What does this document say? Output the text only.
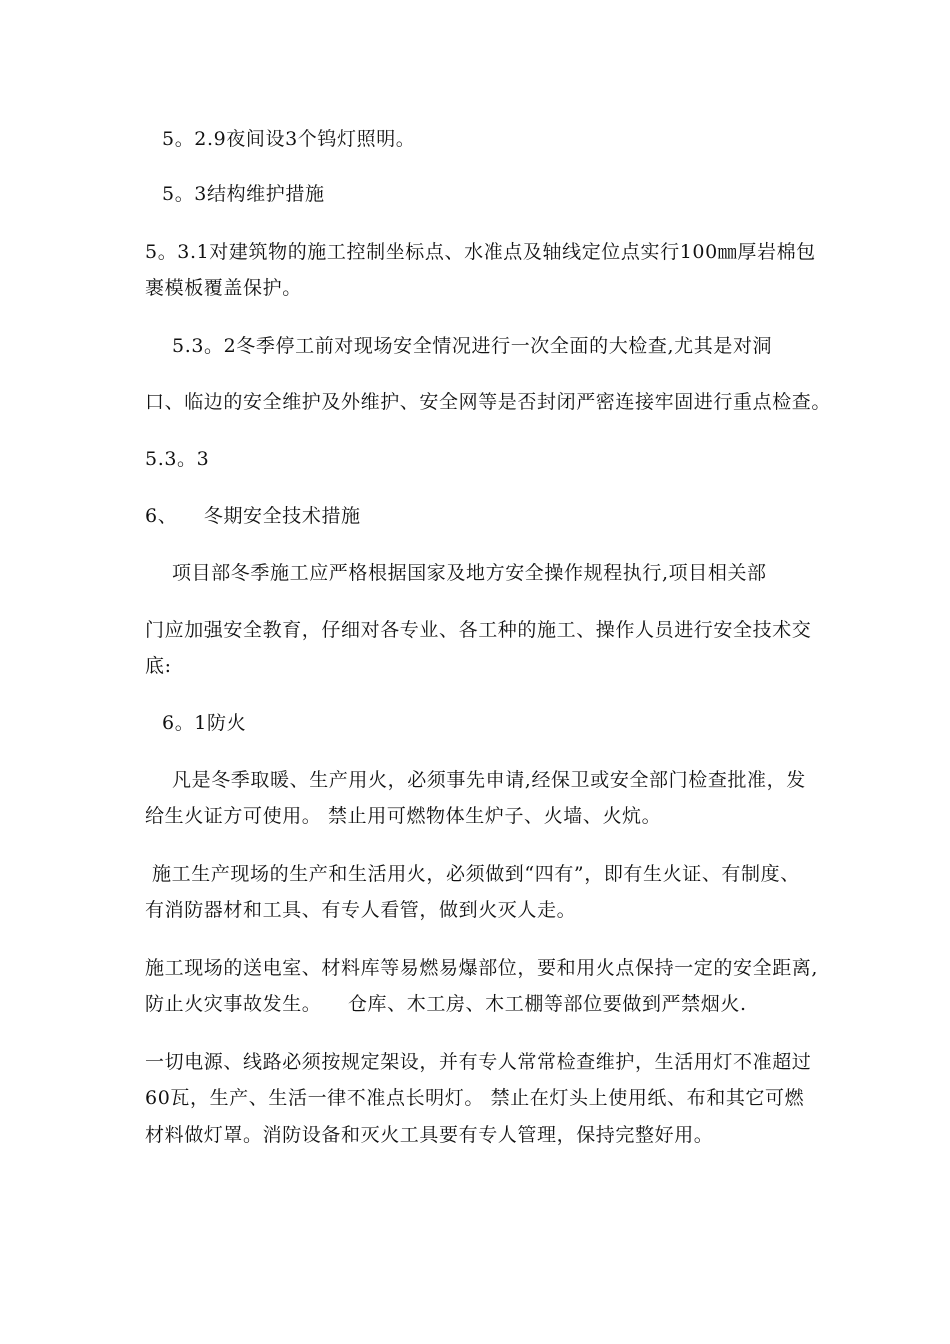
5。2.9夜间设3个钨灯照明。
5。3结构维护措施
5。3.1对建筑物的施工控制坐标点、水准点及轴线定位点实行100㎜厚岩棉包
裹模板覆盖保护。
5.3。2冬季停工前对现场安全情况进行一次全面的大检查,尤其是对洞
口、临边的安全维护及外维护、安全网等是否封闭严密连接牢固进行重点检查。
5.3。3
6、    冬期安全技术措施
项目部冬季施工应严格根据国家及地方安全操作规程执行,项目相关部
门应加强安全教育，仔细对各专业、各工种的施工、操作人员进行安全技术交
底:
6。1防火
凡是冬季取暖、生产用火，必须事先申请,经保卫或安全部门检查批准，发
给生火证方可使用。 禁止用可燃物体生炉子、火墙、火炕。
施工生产现场的生产和生活用火，必须做到“四有”，即有生火证、有制度、
有消防器材和工具、有专人看管，做到火灭人走。
施工现场的送电室、材料库等易燃易爆部位，要和用火点保持一定的安全距离,
防止火灾事故发生。    仓库、木工房、木工棚等部位要做到严禁烟火.
一切电源、线路必须按规定架设，并有专人常常检查维护，生活用灯不准超过
60瓦，生产、生活一律不准点长明灯。 禁止在灯头上使用纸、布和其它可燃
材料做灯罩。消防设备和灭火工具要有专人管理，保持完整好用。
